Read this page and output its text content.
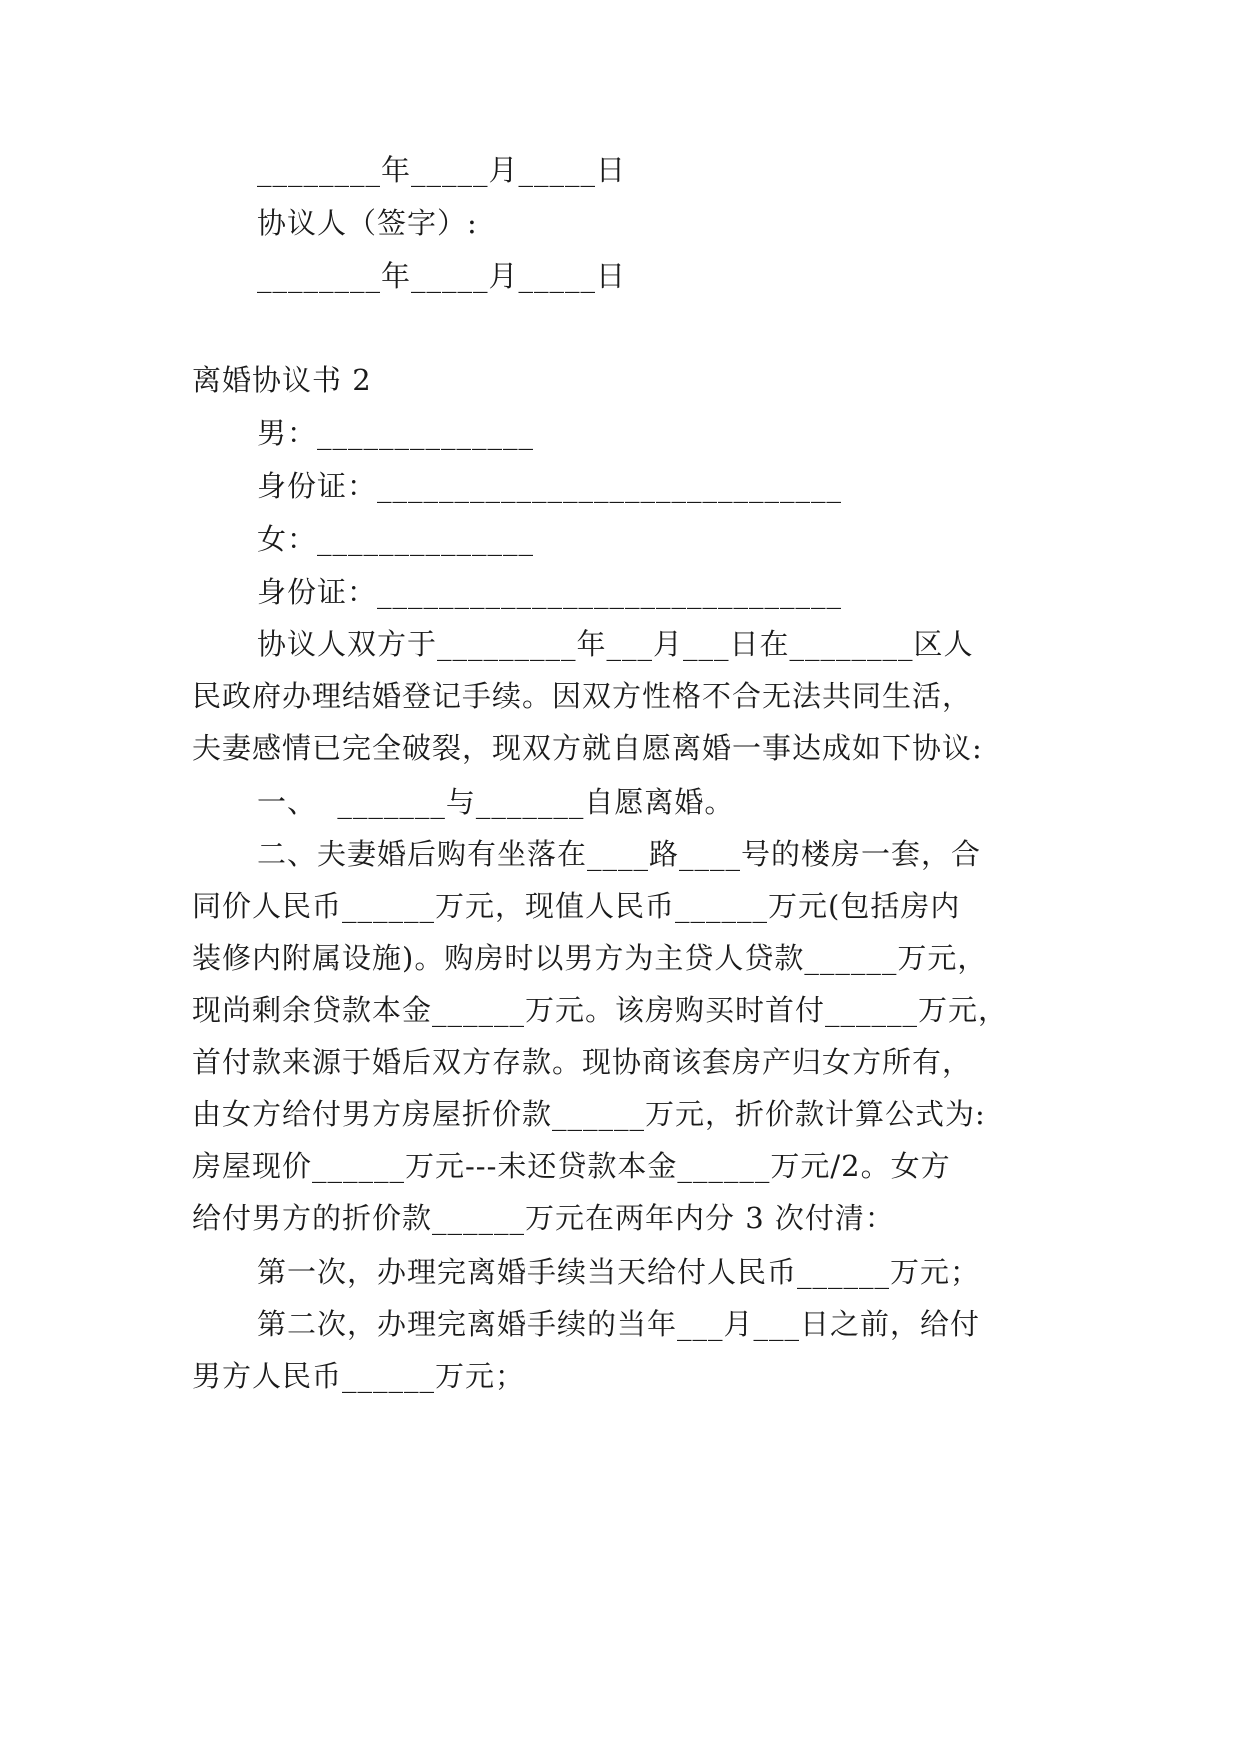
________年_____月_____日
协议人（签字）:
________年_____月_____日
离婚协议书 2
男：______________
身份证：______________________________
女：______________
身份证：______________________________
协议人双方于_________年___月___日在________区人
民政府办理结婚登记手续。因双方性格不合无法共同生活，
夫妻感情已完全破裂，现双方就自愿离婚一事达成如下协议:
一、  _______与_______自愿离婚。
二、夫妻婚后购有坐落在____路____号的楼房一套，合
同价人民币______万元，现值人民币______万元(包括房内
装修内附属设施)。购房时以男方为主贷人贷款______万元，
现尚剩余贷款本金______万元。该房购买时首付______万元，
首付款来源于婚后双方存款。现协商该套房产归女方所有，
由女方给付男方房屋折价款______万元，折价款计算公式为:
房屋现价______万元---未还贷款本金______万元/2。女方
给付男方的折价款______万元在两年内分 3 次付清：
第一次，办理完离婚手续当天给付人民币______万元；
第二次，办理完离婚手续的当年___月___日之前，给付
男方人民币______万元；
